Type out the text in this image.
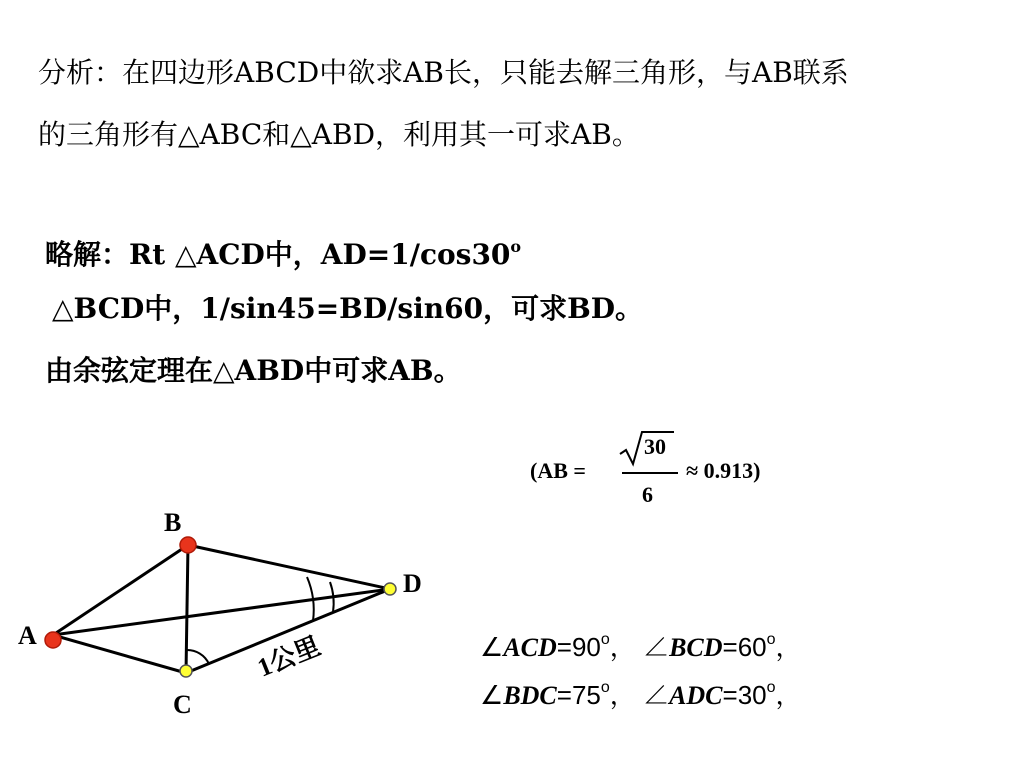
分析：在四边形ABCD中欲求AB长，只能去解三角形，与AB联系
的三角形有△ABC和△ABD，利用其一可求AB。
略解：Rt △ACD中，$AD=1/\cos 30^o$
△BCD中，1/sin45=BD/sin60，可求BD。
由余弦定理在△ABD中可求AB。
(AB =
30
6
≈ 0.913)
B
D
A
C
1公里	$\angle ACD=90^o$， $\angle BCD=60^o$，
$\angle BDC=75^o$， $\angle ADC=30^o$，
